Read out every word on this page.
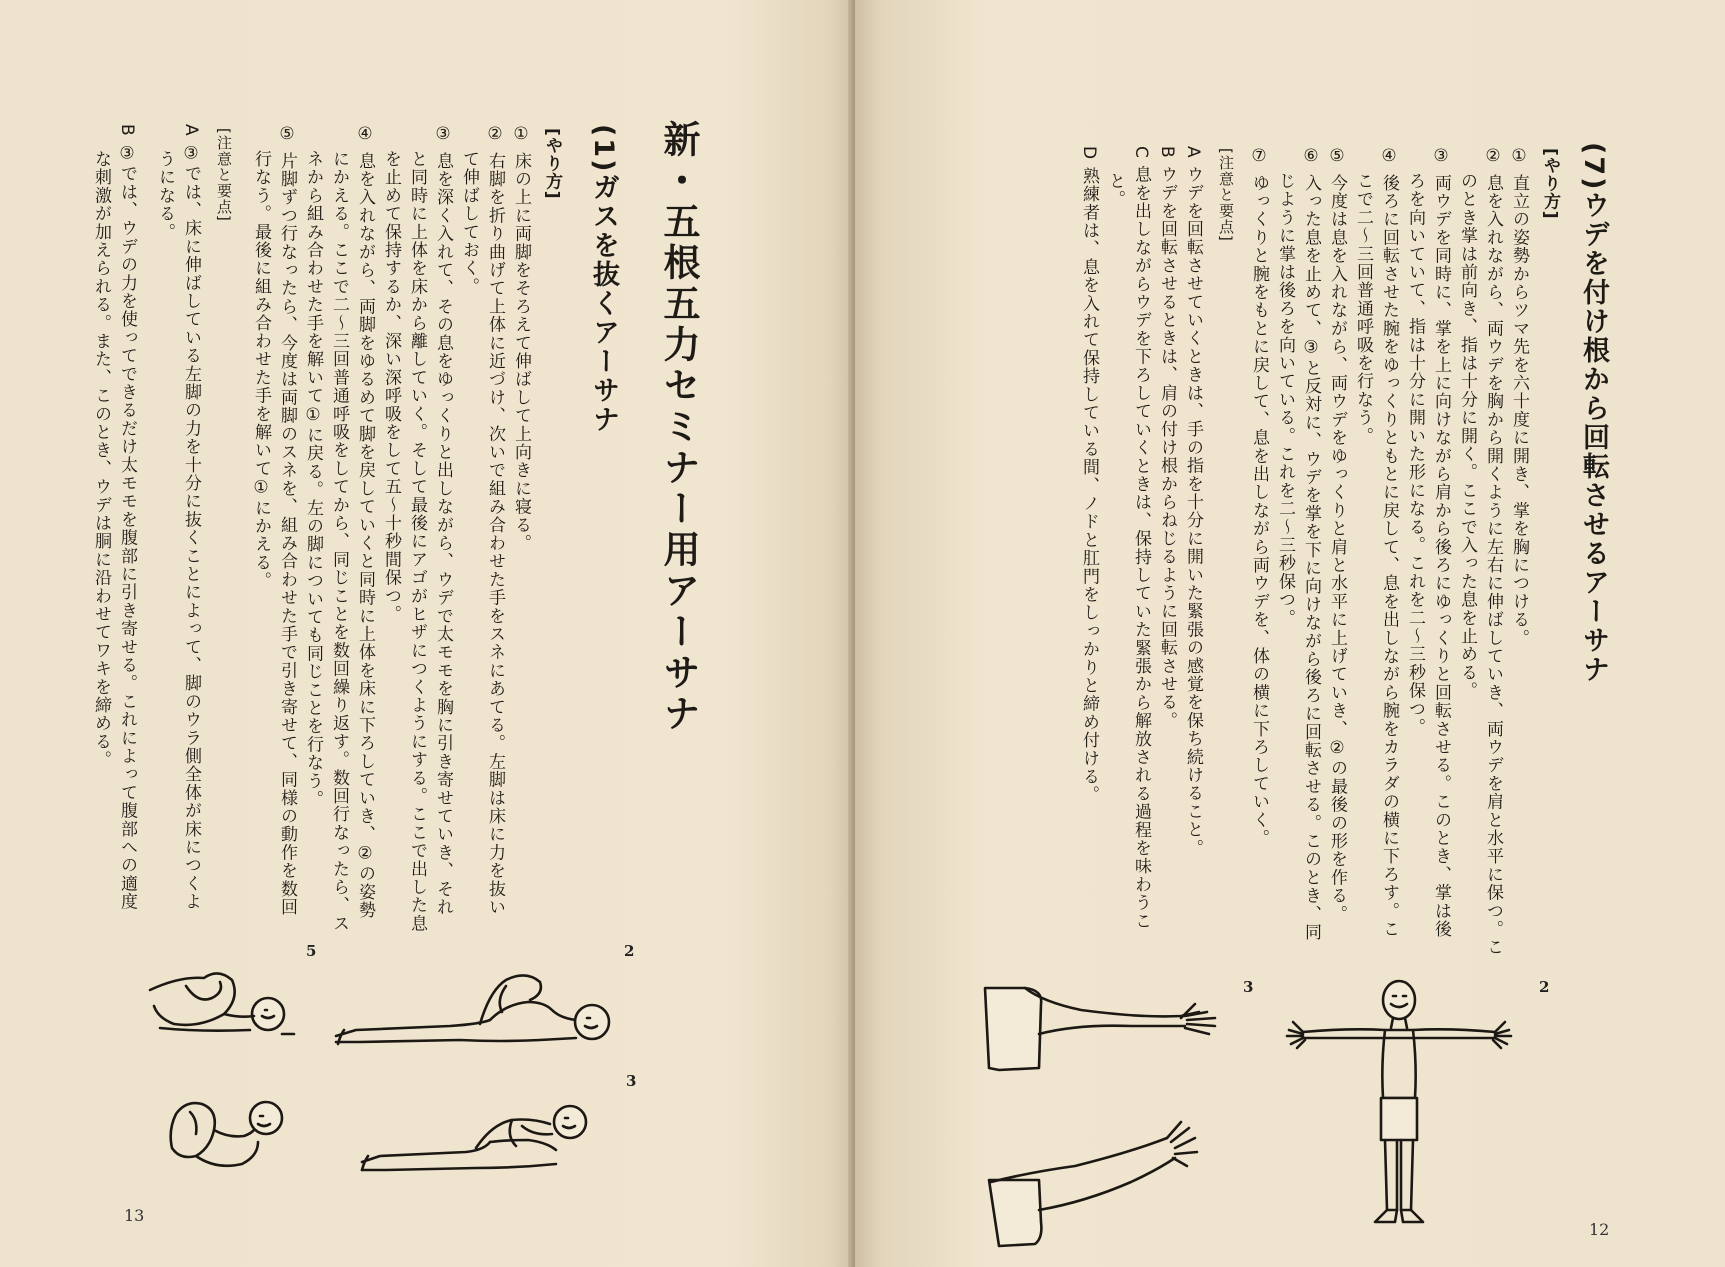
新・五根五力セミナー用アーサナ
(1)ガスを抜くアーサナ
[やり方]
① 床の上に両脚をそろえて伸ばして上向きに寝る。
② 右脚を折り曲げて上体に近づけ、次いで組み合わせた手をスネにあてる。左脚は床に力を抜い
て伸ばしておく。
③ 息を深く入れて、その息をゆっくりと出しながら、ウデで太モモを胸に引き寄せていき、それ
と同時に上体を床から離していく。そして最後にアゴがヒザにつくようにする。ここで出した息
を止めて保持するか、深い深呼吸をして五〜十秒間保つ。
④ 息を入れながら、両脚をゆるめて脚を戻していくと同時に上体を床に下ろしていき、②の姿勢
にかえる。ここで二〜三回普通呼吸をしてから、同じことを数回繰り返す。数回行なったら、ス
ネから組み合わせた手を解いて①に戻る。左の脚についても同じことを行なう。
⑤ 片脚ずつ行なったら、今度は両脚のスネを、組み合わせた手で引き寄せて、同様の動作を数回
行なう。最後に組み合わせた手を解いて①にかえる。
[注意と要点]
A ③では、床に伸ばしている左脚の力を十分に抜くことによって、脚のウラ側全体が床につくよ
うになる。
B ③では、ウデの力を使ってできるだけ太モモを腹部に引き寄せる。これによって腹部への適度
な刺激が加えられる。また、このとき、ウデは胴に沿わせてワキを締める。
5	2
3
13
(7)ウデを付け根から回転させるアーサナ
[やり方]
① 直立の姿勢からツマ先を六十度に開き、掌を胸につける。
② 息を入れながら、両ウデを胸から開くように左右に伸ばしていき、両ウデを肩と水平に保つ。こ
のとき掌は前向き、指は十分に開く。ここで入った息を止める。
③ 両ウデを同時に、掌を上に向けながら肩から後ろにゆっくりと回転させる。このとき、掌は後
ろを向いていて、指は十分に開いた形になる。これを二〜三秒保つ。
④ 後ろに回転させた腕をゆっくりともとに戻して、息を出しながら腕をカラダの横に下ろす。こ
こで二〜三回普通呼吸を行なう。
⑤ 今度は息を入れながら、両ウデをゆっくりと肩と水平に上げていき、②の最後の形を作る。
⑥ 入った息を止めて、③と反対に、ウデを掌を下に向けながら後ろに回転させる。このとき、同
じように掌は後ろを向いている。これを二〜三秒保つ。
⑦ ゆっくりと腕をもとに戻して、息を出しながら両ウデを、体の横に下ろしていく。
[注意と要点]
A ウデを回転させていくときは、手の指を十分に開いた緊張の感覚を保ち続けること。
B ウデを回転させるときは、肩の付け根からねじるように回転させる。
C 息を出しながらウデを下ろしていくときは、保持していた緊張から解放される過程を味わうこ
と。
D 熟練者は、息を入れて保持している間、ノドと肛門をしっかりと締め付ける。
3	2
12
